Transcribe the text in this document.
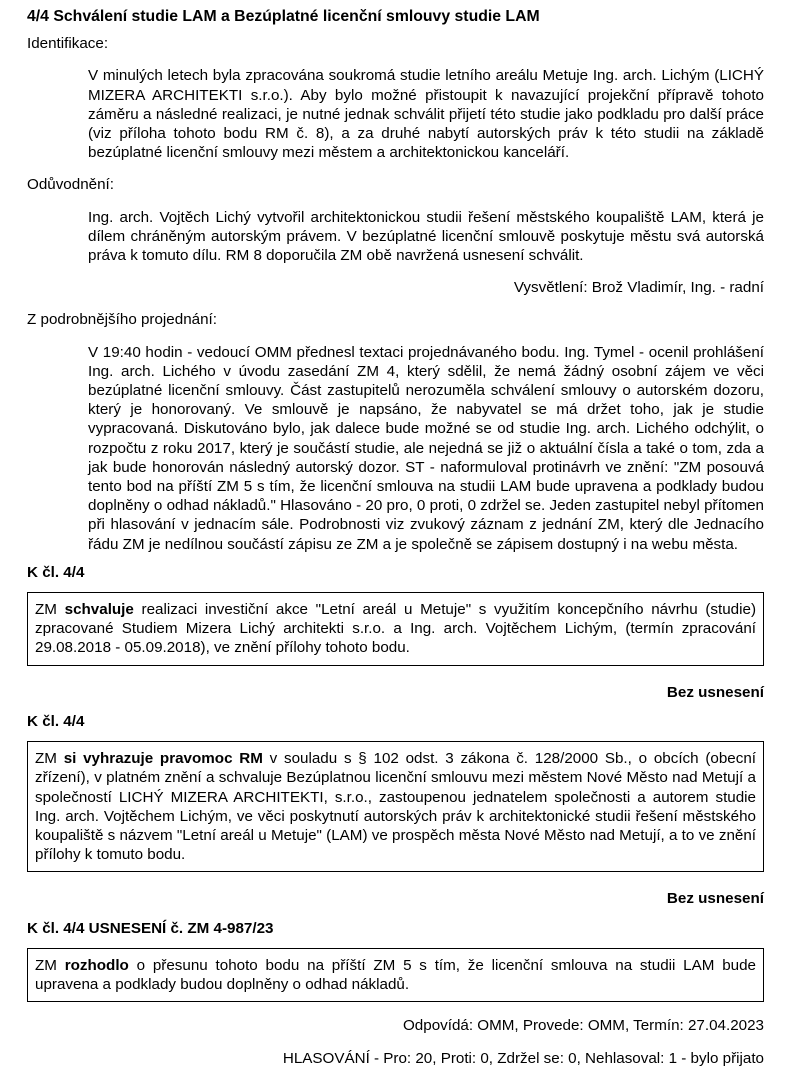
4/4 Schválení studie LAM a Bezúplatné licenční smlouvy studie LAM
Identifikace:
V minulých letech byla zpracována soukromá studie letního areálu Metuje Ing. arch. Lichým (LICHÝ MIZERA ARCHITEKTI s.r.o.). Aby bylo možné přistoupit k navazující projekční přípravě tohoto záměru a následné realizaci, je nutné jednak schválit přijetí této studie jako podkladu pro další práce (viz příloha tohoto bodu RM č. 8), a za druhé nabytí autorských práv k této studii na základě bezúplatné licenční smlouvy mezi městem a architektonickou kanceláří.
Odůvodnění:
Ing. arch. Vojtěch Lichý vytvořil architektonickou studii řešení městského koupaliště LAM, která je dílem chráněným autorským právem. V bezúplatné licenční smlouvě poskytuje městu svá autorská práva k tomuto dílu. RM 8 doporučila ZM obě navržená usnesení schválit.
Vysvětlení: Brož Vladimír, Ing. - radní
Z podrobnějšího projednání:
V 19:40 hodin - vedoucí OMM přednesl textaci projednávaného bodu. Ing. Tymel - ocenil prohlášení Ing. arch. Lichého v úvodu zasedání ZM 4, který sdělil, že nemá žádný osobní zájem ve věci bezúplatné licenční smlouvy. Část zastupitelů nerozuměla schválení smlouvy o autorském dozoru, který je honorovaný. Ve smlouvě je napsáno, že nabyvatel se má držet toho, jak je studie vypracovaná. Diskutováno bylo, jak dalece bude možné se od studie Ing. arch. Lichého odchýlit, o rozpočtu z roku 2017, který je součástí studie, ale nejedná se již o aktuální čísla a také o tom, zda a jak bude honorován následný autorský dozor. ST - naformuloval protinávrh ve znění: "ZM posouvá tento bod na příští ZM 5 s tím, že licenční smlouva na studii LAM bude upravena a podklady budou doplněny o odhad nákladů." Hlasováno - 20 pro, 0 proti, 0 zdržel se. Jeden zastupitel nebyl přítomen při hlasování v jednacím sále. Podrobnosti viz zvukový záznam z jednání ZM, který dle Jednacího řádu ZM je nedílnou součástí zápisu ze ZM a je společně se zápisem dostupný i na webu města.
K čl. 4/4
ZM schvaluje realizaci investiční akce "Letní areál u Metuje" s využitím koncepčního návrhu (studie) zpracované Studiem Mizera Lichý architekti s.r.o. a Ing. arch. Vojtěchem Lichým, (termín zpracování 29.08.2018 - 05.09.2018), ve znění přílohy tohoto bodu.
Bez usnesení
K čl. 4/4
ZM si vyhrazuje pravomoc RM v souladu s § 102 odst. 3 zákona č. 128/2000 Sb., o obcích (obecní zřízení), v platném znění a schvaluje Bezúplatnou licenční smlouvu mezi městem Nové Město nad Metují a společností LICHÝ MIZERA ARCHITEKTI, s.r.o., zastoupenou jednatelem společnosti a autorem studie Ing. arch. Vojtěchem Lichým, ve věci poskytnutí autorských práv k architektonické studii řešení městského koupaliště s názvem "Letní areál u Metuje" (LAM) ve prospěch města Nové Město nad Metují, a to ve znění přílohy k tomuto bodu.
Bez usnesení
K čl. 4/4 USNESENÍ č. ZM 4-987/23
ZM rozhodlo o přesunu tohoto bodu na příští ZM 5 s tím, že licenční smlouva na studii LAM bude upravena a podklady budou doplněny o odhad nákladů.
Odpovídá: OMM, Provede: OMM, Termín: 27.04.2023
HLASOVÁNÍ - Pro: 20, Proti: 0, Zdržel se: 0, Nehlasoval: 1 - bylo přijato
